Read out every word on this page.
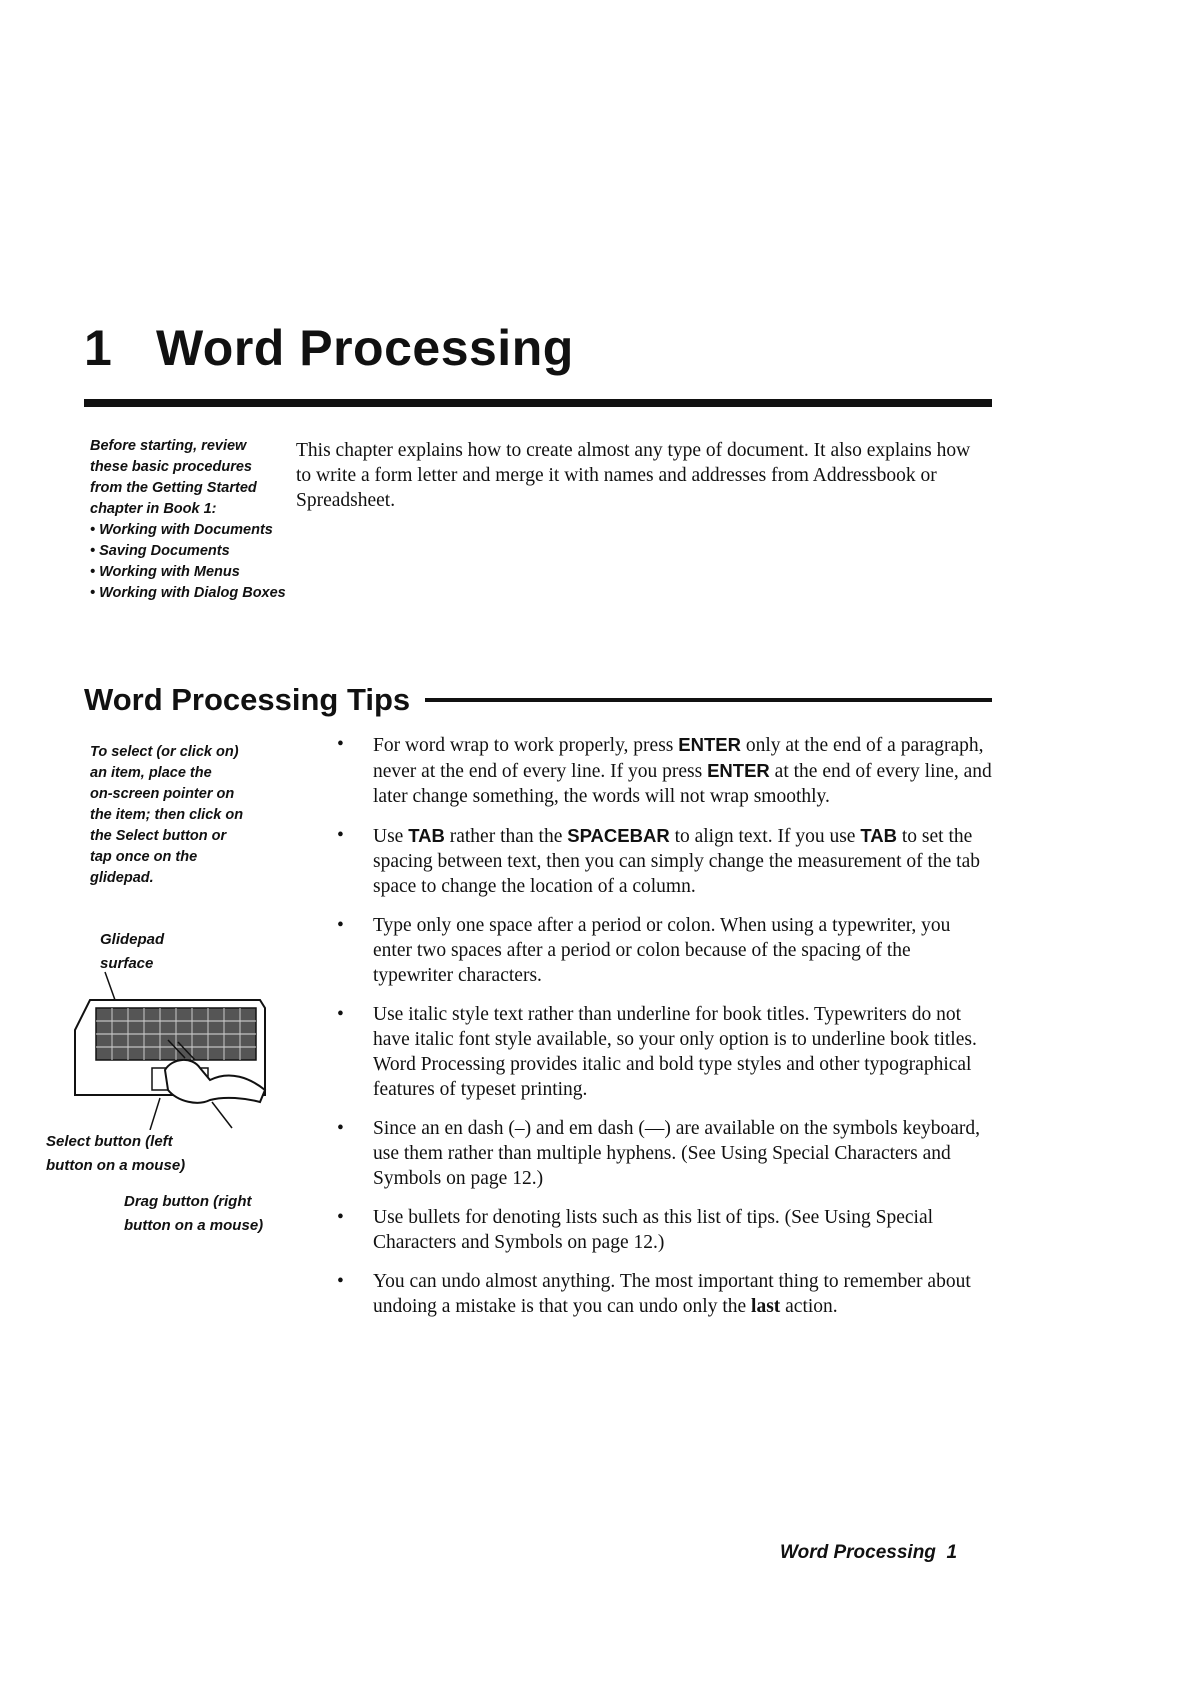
1 Word Processing
Before starting, review
these basic procedures
from the Getting Started
chapter in Book 1:
• Working with Documents
• Saving Documents
• Working with Menus
• Working with Dialog Boxes

This chapter explains how to create almost any type of document. It also explains how to write a form letter and merge it with names and addresses from Addressbook or Spreadsheet.

Word Processing Tips
To select (or click on)
an item, place the
on-screen pointer on
the item; then click on
the Select button or
tap once on the
glidepad.
Glidepad
surface
Select button (left
button on a mouse)
Drag button (right
button on a mouse)
• For word wrap to work properly, press ENTER only at the end of a paragraph, never at the end of every line. If you press ENTER at the end of every line, and later change something, the words will not wrap smoothly.
• Use TAB rather than the SPACEBAR to align text. If you use TAB to set the spacing between text, then you can simply change the measurement of the tab space to change the location of a column.
• Type only one space after a period or colon. When using a typewriter, you enter two spaces after a period or colon because of the spacing of the typewriter characters.
• Use italic style text rather than underline for book titles. Typewriters do not have italic font style available, so your only option is to underline book titles. Word Processing provides italic and bold type styles and other typographical features of typeset printing.
• Since an en dash (–) and em dash (—) are available on the symbols keyboard, use them rather than multiple hyphens. (See Using Special Characters and Symbols on page 12.)
• Use bullets for denoting lists such as this list of tips. (See Using Special Characters and Symbols on page 12.)
• You can undo almost anything. The most important thing to remember about undoing a mistake is that you can undo only the last action.
Word Processing  1
